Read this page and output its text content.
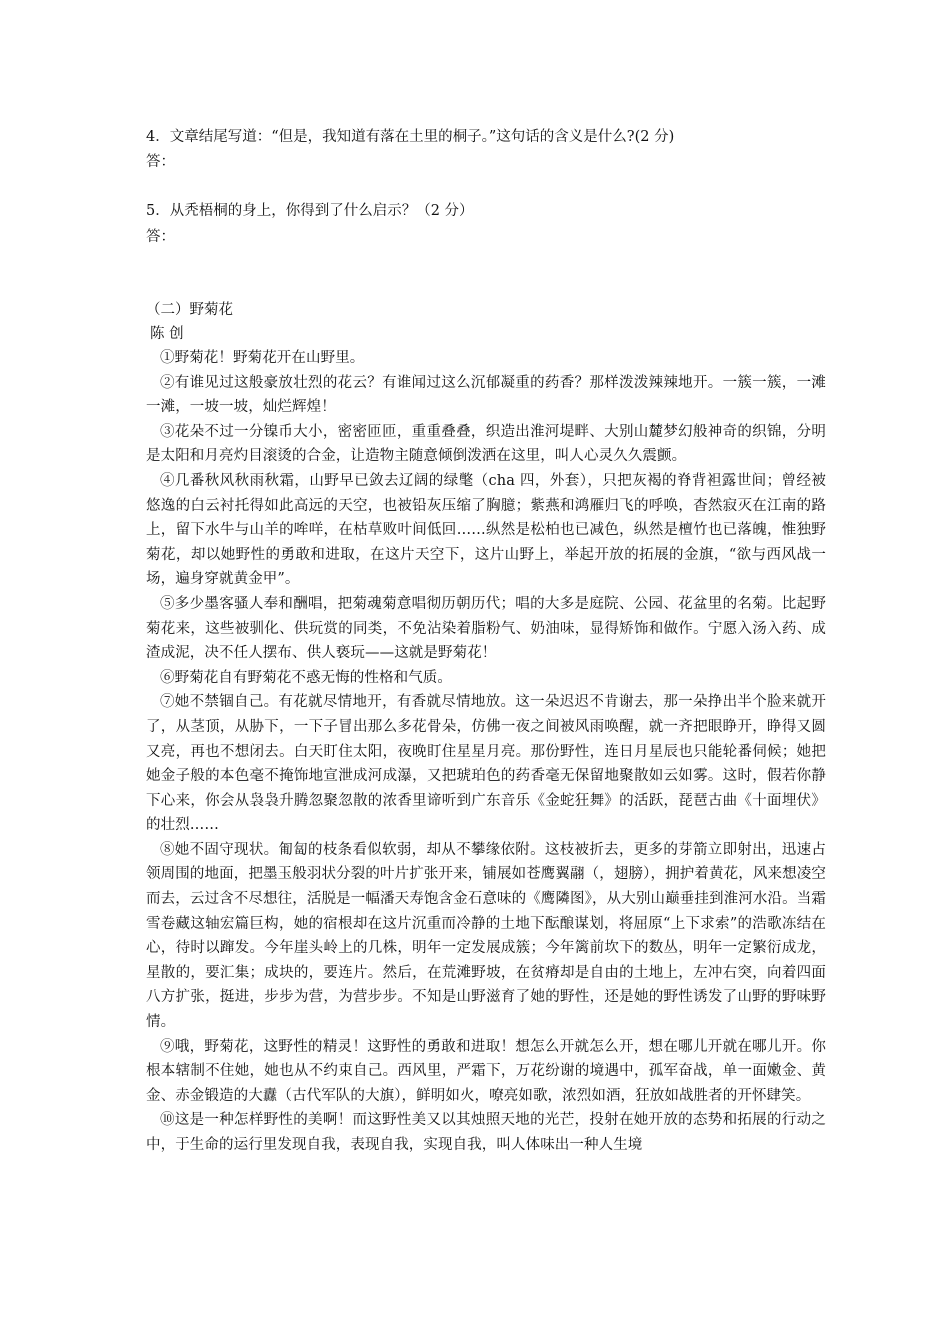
4．文章结尾写道：“但是，我知道有落在土里的桐子。”这句话的含义是什么?(2 分)
答：
5．从秃梧桐的身上，你得到了什么启示？（2 分）
答：
（二）野菊花
陈 创

①野菊花！野菊花开在山野里。

②有谁见过这般豪放壮烈的花云？有谁闻过这么沉郁凝重的药香？那样泼泼辣辣地开。一簇一簇，一滩一滩，一坡一坡，灿烂辉煌！

③花朵不过一分镍币大小，密密匝匝，重重叠叠，织造出淮河堤畔、大别山麓梦幻般神奇的织锦，分明是太阳和月亮灼目滚烫的合金，让造物主随意倾倒泼洒在这里，叫人心灵久久震颤。

④几番秋风秋雨秋霜，山野早已敛去辽阔的绿氅（cha 四，外套），只把灰褐的脊背袒露世间；曾经被悠逸的白云衬托得如此高远的天空，也被铅灰压缩了胸臆；紫燕和鸿雁归飞的呼唤，杳然寂灭在江南的路上，留下水牛与山羊的哞咩，在枯草败叶间低回……纵然是松柏也已减色，纵然是檀竹也已落魄，惟独野菊花，却以她野性的勇敢和进取，在这片天空下，这片山野上，举起开放的拓展的金旗，“欲与西风战一场，遍身穿就黄金甲”。

⑤多少墨客骚人奉和酬唱，把菊魂菊意唱彻历朝历代；唱的大多是庭院、公园、花盆里的名菊。比起野菊花来，这些被驯化、供玩赏的同类，不免沾染着脂粉气、奶油味，显得矫饰和做作。宁愿入汤入药、成渣成泥，决不任人摆布、供人亵玩——这就是野菊花！

⑥野菊花自有野菊花不惑无悔的性格和气质。

⑦她不禁锢自己。有花就尽情地开，有香就尽情地放。这一朵迟迟不肯谢去，那一朵挣出半个脸来就开了，从茎顶，从胁下，一下子冒出那么多花骨朵，仿佛一夜之间被风雨唤醒，就一齐把眼睁开，睁得又圆又亮，再也不想闭去。白天盯住太阳，夜晚盯住星星月亮。那份野性，连日月星辰也只能轮番伺候；她把她金子般的本色毫不掩饰地宣泄成河成瀑，又把琥珀色的药香毫无保留地聚散如云如雾。这时，假若你静下心来，你会从袅袅升腾忽聚忽散的浓香里谛听到广东音乐《金蛇狂舞》的活跃，琵琶古曲《十面埋伏》的壮烈……

⑧她不固守现状。匍匐的枝条看似软弱，却从不攀缘依附。这枝被折去，更多的芽箭立即射出，迅速占领周围的地面，把墨玉般羽状分裂的叶片扩张开来，铺展如苍鹰翼翮（，翅膀），拥护着黄花，风来想凌空而去，云过含不尽想往，活脱是一幅潘天寿饱含金石意味的《鹰隣图》，从大别山巅垂挂到淮河水沿。当霜雪卷藏这轴宏篇巨构，她的宿根却在这片沉重而冷静的土地下酝酿谋划，将屈原“上下求索”的浩歌冻结在心，待时以蹿发。今年崖头岭上的几株，明年一定发展成簇；今年篱前坎下的数丛，明年一定繁衍成龙，星散的，要汇集；成块的，要连片。然后，在荒滩野坡，在贫瘠却是自由的土地上，左冲右突，向着四面八方扩张，挺进，步步为营，为营步步。不知是山野滋育了她的野性，还是她的野性诱发了山野的野味野情。

⑨哦，野菊花，这野性的精灵！这野性的勇敢和进取！想怎么开就怎么开，想在哪儿开就在哪儿开。你根本辖制不住她，她也从不约束自己。西风里，严霜下，万花纷谢的境遇中，孤军奋战，单一面嫩金、黄金、赤金锻造的大纛（古代军队的大旗），鲜明如火，嘹亮如歌，浓烈如酒，狂放如战胜者的开怀肆笑。

⑩这是一种怎样野性的美啊！而这野性美又以其烛照天地的光芒，投射在她开放的态势和拓展的行动之中，于生命的运行里发现自我，表现自我，实现自我，叫人体味出一种人生境
